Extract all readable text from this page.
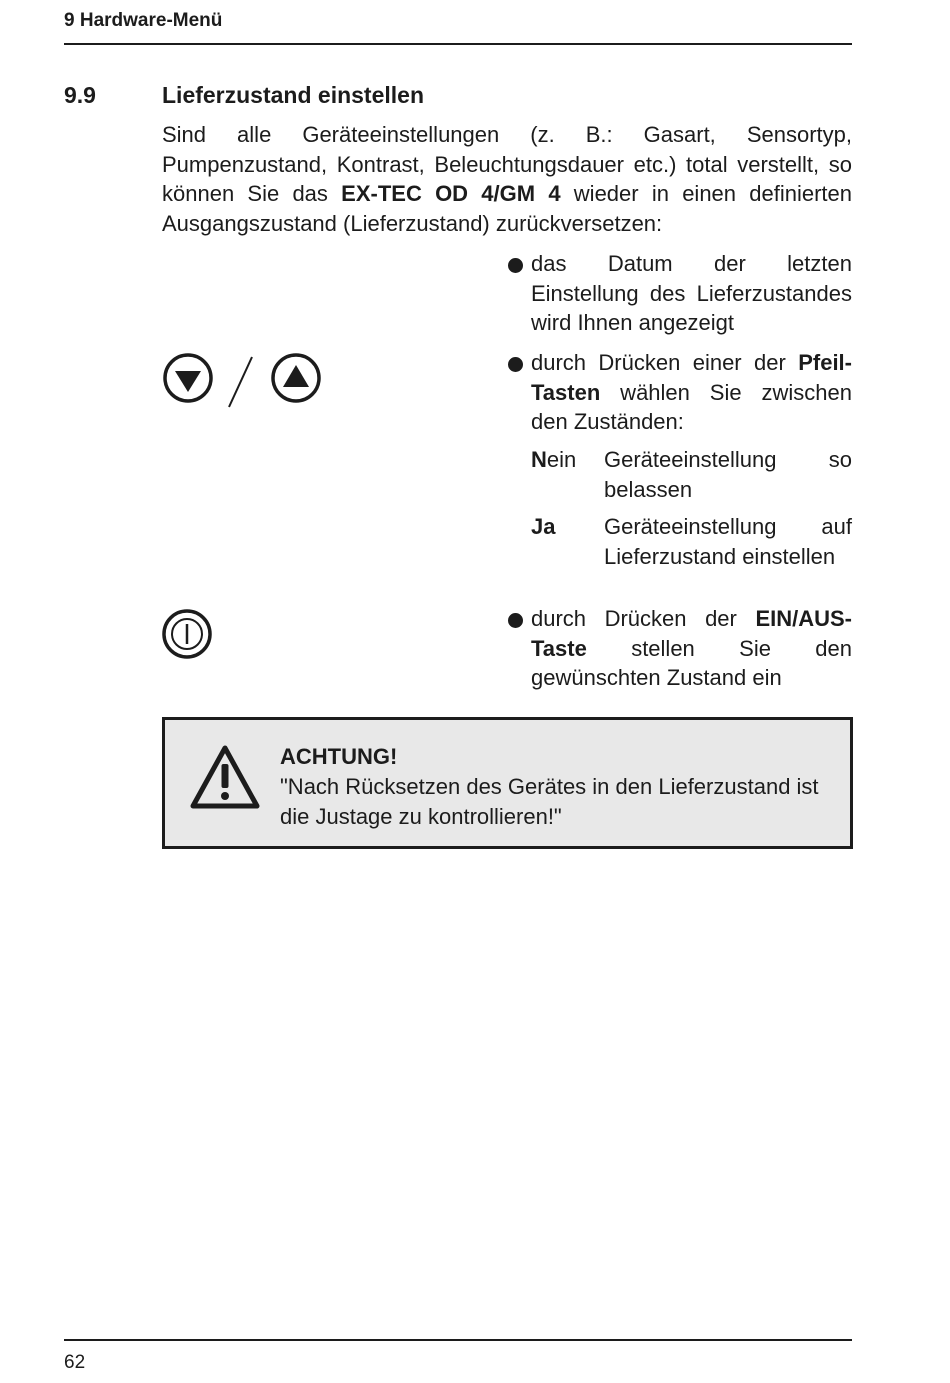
9 Hardware-Menü
9.9	Lieferzustand einstellen

Sind alle Geräteeinstellungen (z. B.: Gasart, Sensortyp, Pumpenzustand, Kontrast, Beleuchtungsdauer etc.) total verstellt, so können Sie das EX-TEC OD 4/GM 4 wieder in einen definierten Ausgangszustand (Lieferzustand) zurückversetzen:

das Datum der letzten Einstellung des Lieferzustandes wird Ihnen angezeigt
durch Drücken einer der Pfeil-Tasten wählen Sie zwischen den Zuständen:
Nein Geräteeinstellung so belassen
Ja Geräteeinstellung auf Lieferzustand einstellen
durch Drücken der EIN/AUS-Taste stellen Sie den gewünschten Zustand ein
ACHTUNG!
"Nach Rücksetzen des Gerätes in den Lieferzustand ist die Justage zu kontrollieren!"
62
